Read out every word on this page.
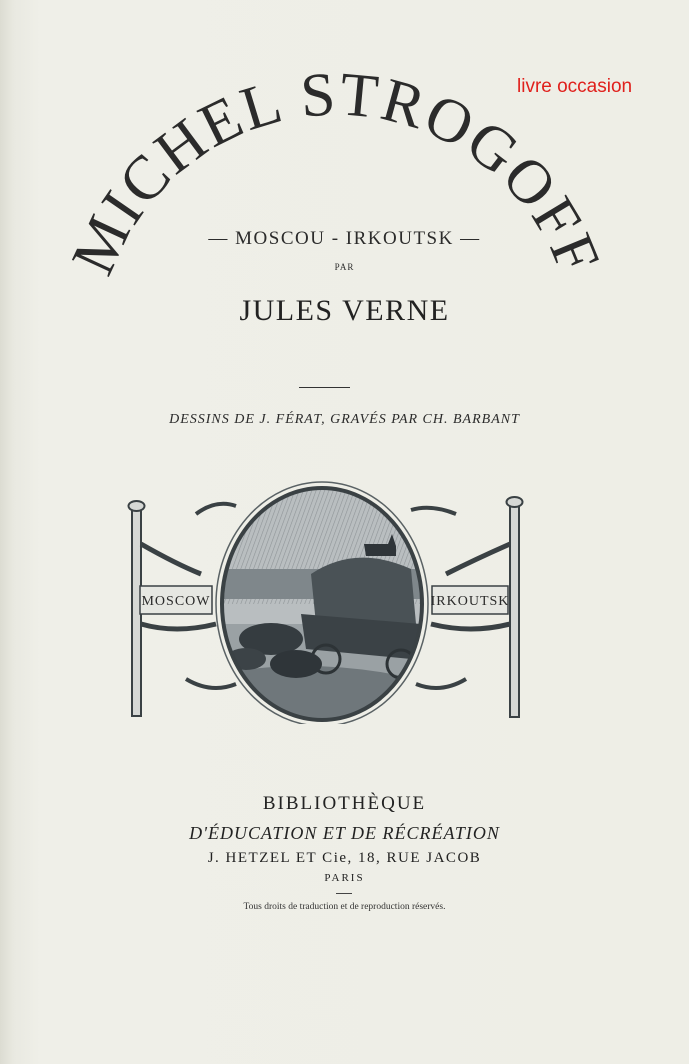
livre occasion
MICHEL STROGOFF
— MOSCOU - IRKOUTSK —
PAR
JULES VERNE
DESSINS DE J. FÉRAT, GRAVÉS PAR CH. BARBANT
MOSCOW	IRKOUTSK
BIBLIOTHÈQUE
D'ÉDUCATION ET DE RÉCRÉATION
J. HETZEL ET Cie, 18, RUE JACOB
PARIS
Tous droits de traduction et de reproduction réservés.
